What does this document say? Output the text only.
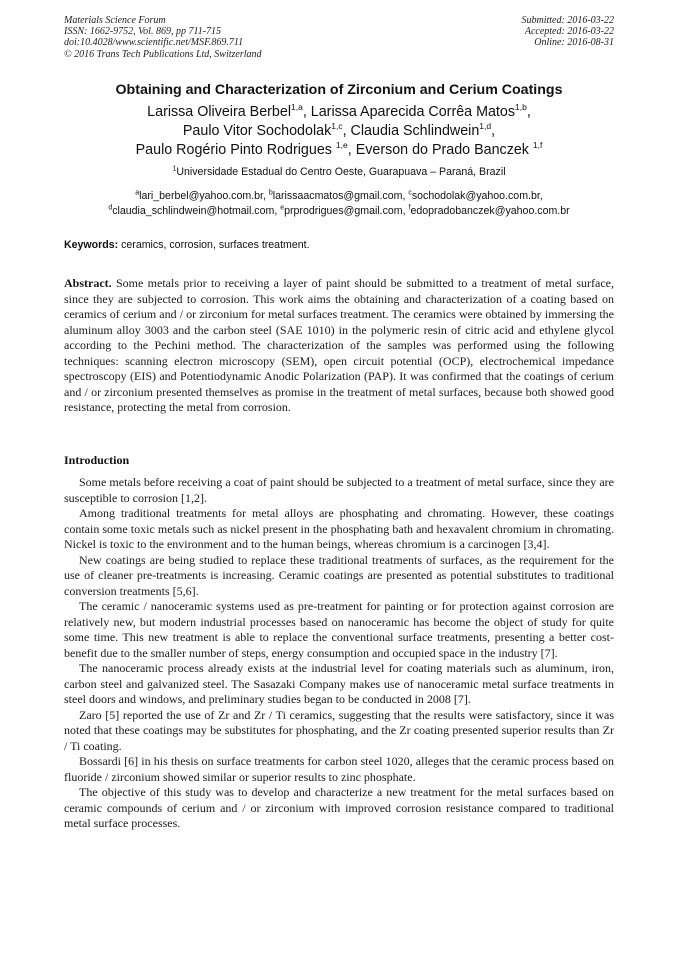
Materials Science Forum
ISSN: 1662-9752, Vol. 869, pp 711-715
doi:10.4028/www.scientific.net/MSF.869.711
© 2016 Trans Tech Publications Ltd, Switzerland
Submitted: 2016-03-22
Accepted: 2016-03-22
Online: 2016-08-31
Obtaining and Characterization of Zirconium and Cerium Coatings
Larissa Oliveira Berbel$^{1,a}$, Larissa Aparecida Corrêa Matos$^{1,b}$,
Paulo Vitor Sochodolak$^{1,c}$, Claudia Schlindwein$^{1,d}$,
Paulo Rogério Pinto Rodrigues $^{1,e}$, Everson do Prado Banczek $^{1,f}$
$^1$Universidade Estadual do Centro Oeste, Guarapuava – Paraná, Brazil
$^a$lari_berbel@yahoo.com.br, $^b$larissaacmatos@gmail.com, $^c$sochodolak@yahoo.com.br,
$^d$claudia_schlindwein@hotmail.com, $^e$prprodrigues@gmail.com, $^f$edopradobanczek@yahoo.com.br
Keywords: ceramics, corrosion, surfaces treatment.
Abstract. Some metals prior to receiving a layer of paint should be submitted to a treatment of metal surface, since they are subjected to corrosion. This work aims the obtaining and characterization of a coating based on ceramics of cerium and / or zirconium for metal surfaces treatment. The ceramics were obtained by immersing the aluminum alloy 3003 and the carbon steel (SAE 1010) in the polymeric resin of citric acid and ethylene glycol according to the Pechini method. The characterization of the samples was performed using the following techniques: scanning electron microscopy (SEM), open circuit potential (OCP), electrochemical impedance spectroscopy (EIS) and Potentiodynamic Anodic Polarization (PAP). It was confirmed that the coatings of cerium and / or zirconium presented themselves as promise in the treatment of metal surfaces, because both showed good resistance, protecting the metal from corrosion.
Introduction

Some metals before receiving a coat of paint should be subjected to a treatment of metal surface, since they are susceptible to corrosion [1,2].

Among traditional treatments for metal alloys are phosphating and chromating. However, these coatings contain some toxic metals such as nickel present in the phosphating bath and hexavalent chromium in chromating. Nickel is toxic to the environment and to the human beings, whereas chromium is a carcinogen [3,4].

New coatings are being studied to replace these traditional treatments of surfaces, as the requirement for the use of cleaner pre-treatments is increasing. Ceramic coatings are presented as potential substitutes to traditional conversion treatments [5,6].

The ceramic / nanoceramic systems used as pre-treatment for painting or for protection against corrosion are relatively new, but modern industrial processes based on nanoceramic has become the object of study for quite some time. This new treatment is able to replace the conventional surface treatments, presenting a better cost-benefit due to the smaller number of steps, energy consumption and occupied space in the industry [7].

The nanoceramic process already exists at the industrial level for coating materials such as aluminum, iron, carbon steel and galvanized steel. The Sasazaki Company makes use of nanoceramic metal surface treatments in steel doors and windows, and preliminary studies began to be conducted in 2008 [7].

Zaro [5] reported the use of Zr and Zr / Ti ceramics, suggesting that the results were satisfactory, since it was noted that these coatings may be substitutes for phosphating, and the Zr coating presented superior results than Zr / Ti coating.

Bossardi [6] in his thesis on surface treatments for carbon steel 1020, alleges that the ceramic process based on fluoride / zirconium showed similar or superior results to zinc phosphate.

The objective of this study was to develop and characterize a new treatment for the metal surfaces based on ceramic compounds of cerium and / or zirconium with improved corrosion resistance compared to traditional metal surface processes.
